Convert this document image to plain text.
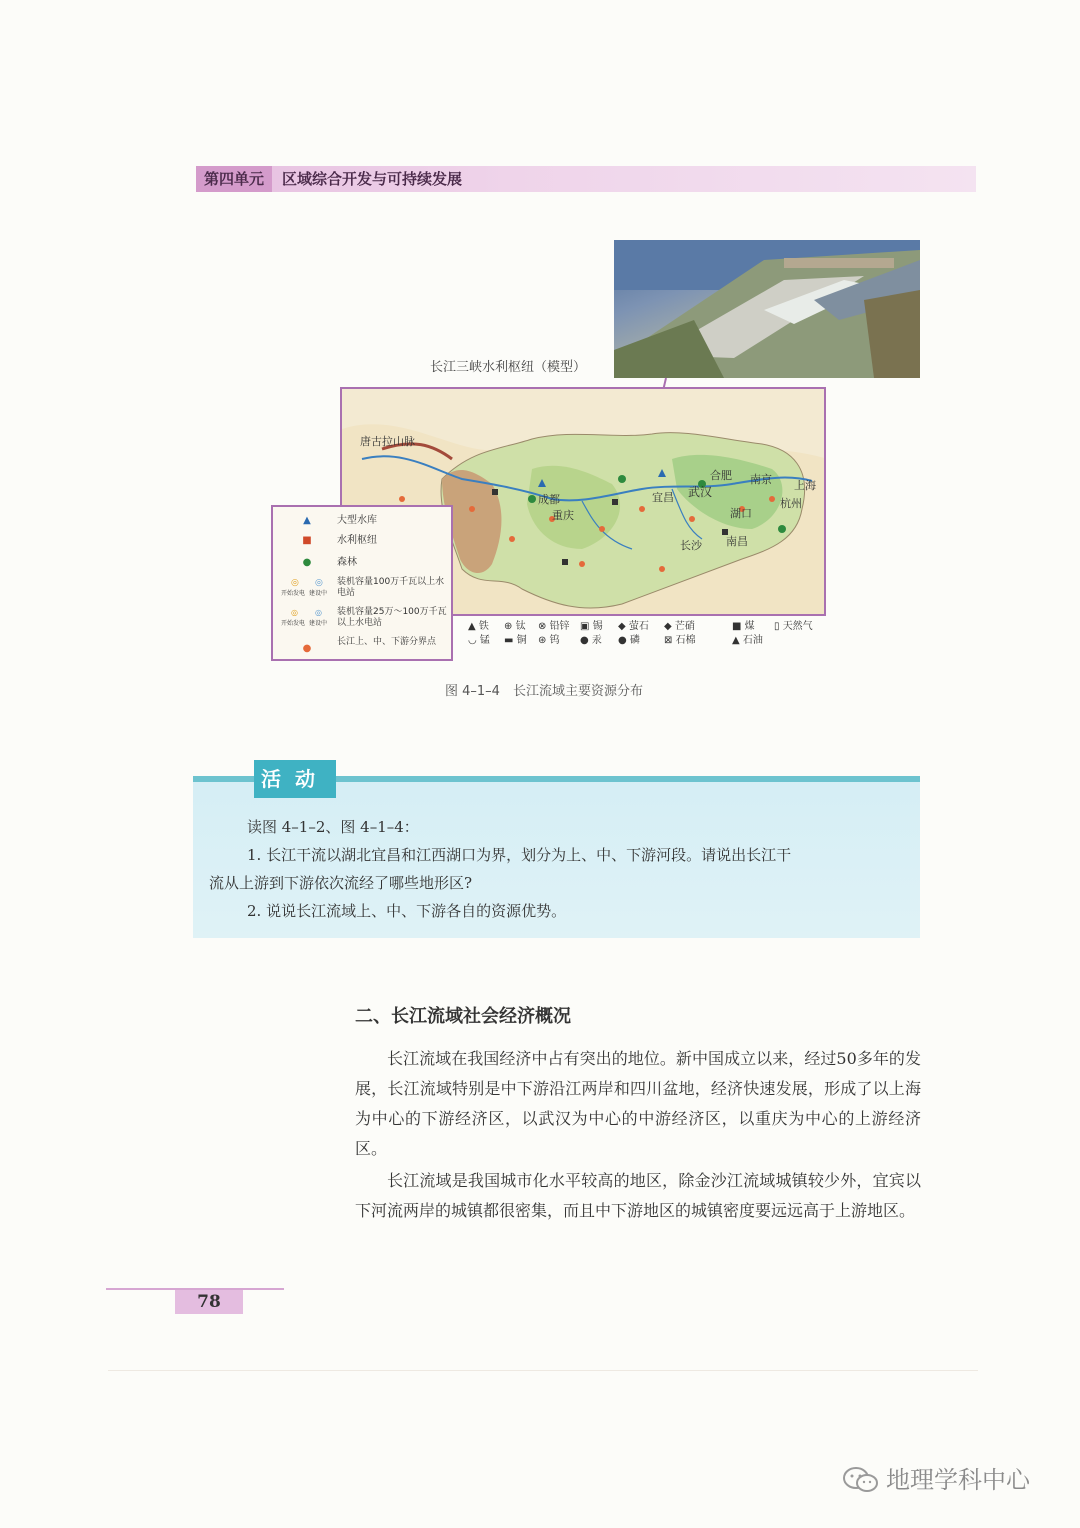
第四单元	区域综合开发与可持续发展
长江三峡水利枢纽（模型）
唐古拉山脉
成都
重庆
宜昌 武汉
合肥 南京 上海
杭州
湖口
南昌
长沙
▲	大型水库
■	水利枢纽
●	森林
◎ ◎
开始发电 建设中
装机容量100万千瓦以上水电站
◎ ◎
开始发电 建设中
装机容量25万～100万千瓦以上水电站
●
长江上、中、下游分界点
▲ 铁 ⊕ 钛 ⊗ 铅锌 ▣ 锡 ◆ 萤石 ◆ 芒硝	■ 煤 ▯ 天然气
◡ 锰 ▬ 铜 ⊛ 钨 ● 汞 ● 磷 ⊠ 石棉	▲ 石油
图 4–1–4　长江流域主要资源分布
读图 4–1–2、图 4–1–4：
1. 长江干流以湖北宜昌和江西湖口为界，划分为上、中、下游河段。请说出长江干
流从上游到下游依次流经了哪些地形区?
2. 说说长江流域上、中、下游各自的资源优势。
活动
二、长江流域社会经济概况
长江流域在我国经济中占有突出的地位。新中国成立以来，经过50多年的发展，长江流域特别是中下游沿江两岸和四川盆地，经济快速发展，形成了以上海为中心的下游经济区，以武汉为中心的中游经济区，以重庆为中心的上游经济区。
长江流域是我国城市化水平较高的地区，除金沙江流域城镇较少外，宜宾以下河流两岸的城镇都很密集，而且中下游地区的城镇密度要远远高于上游地区。
78
地理学科中心
